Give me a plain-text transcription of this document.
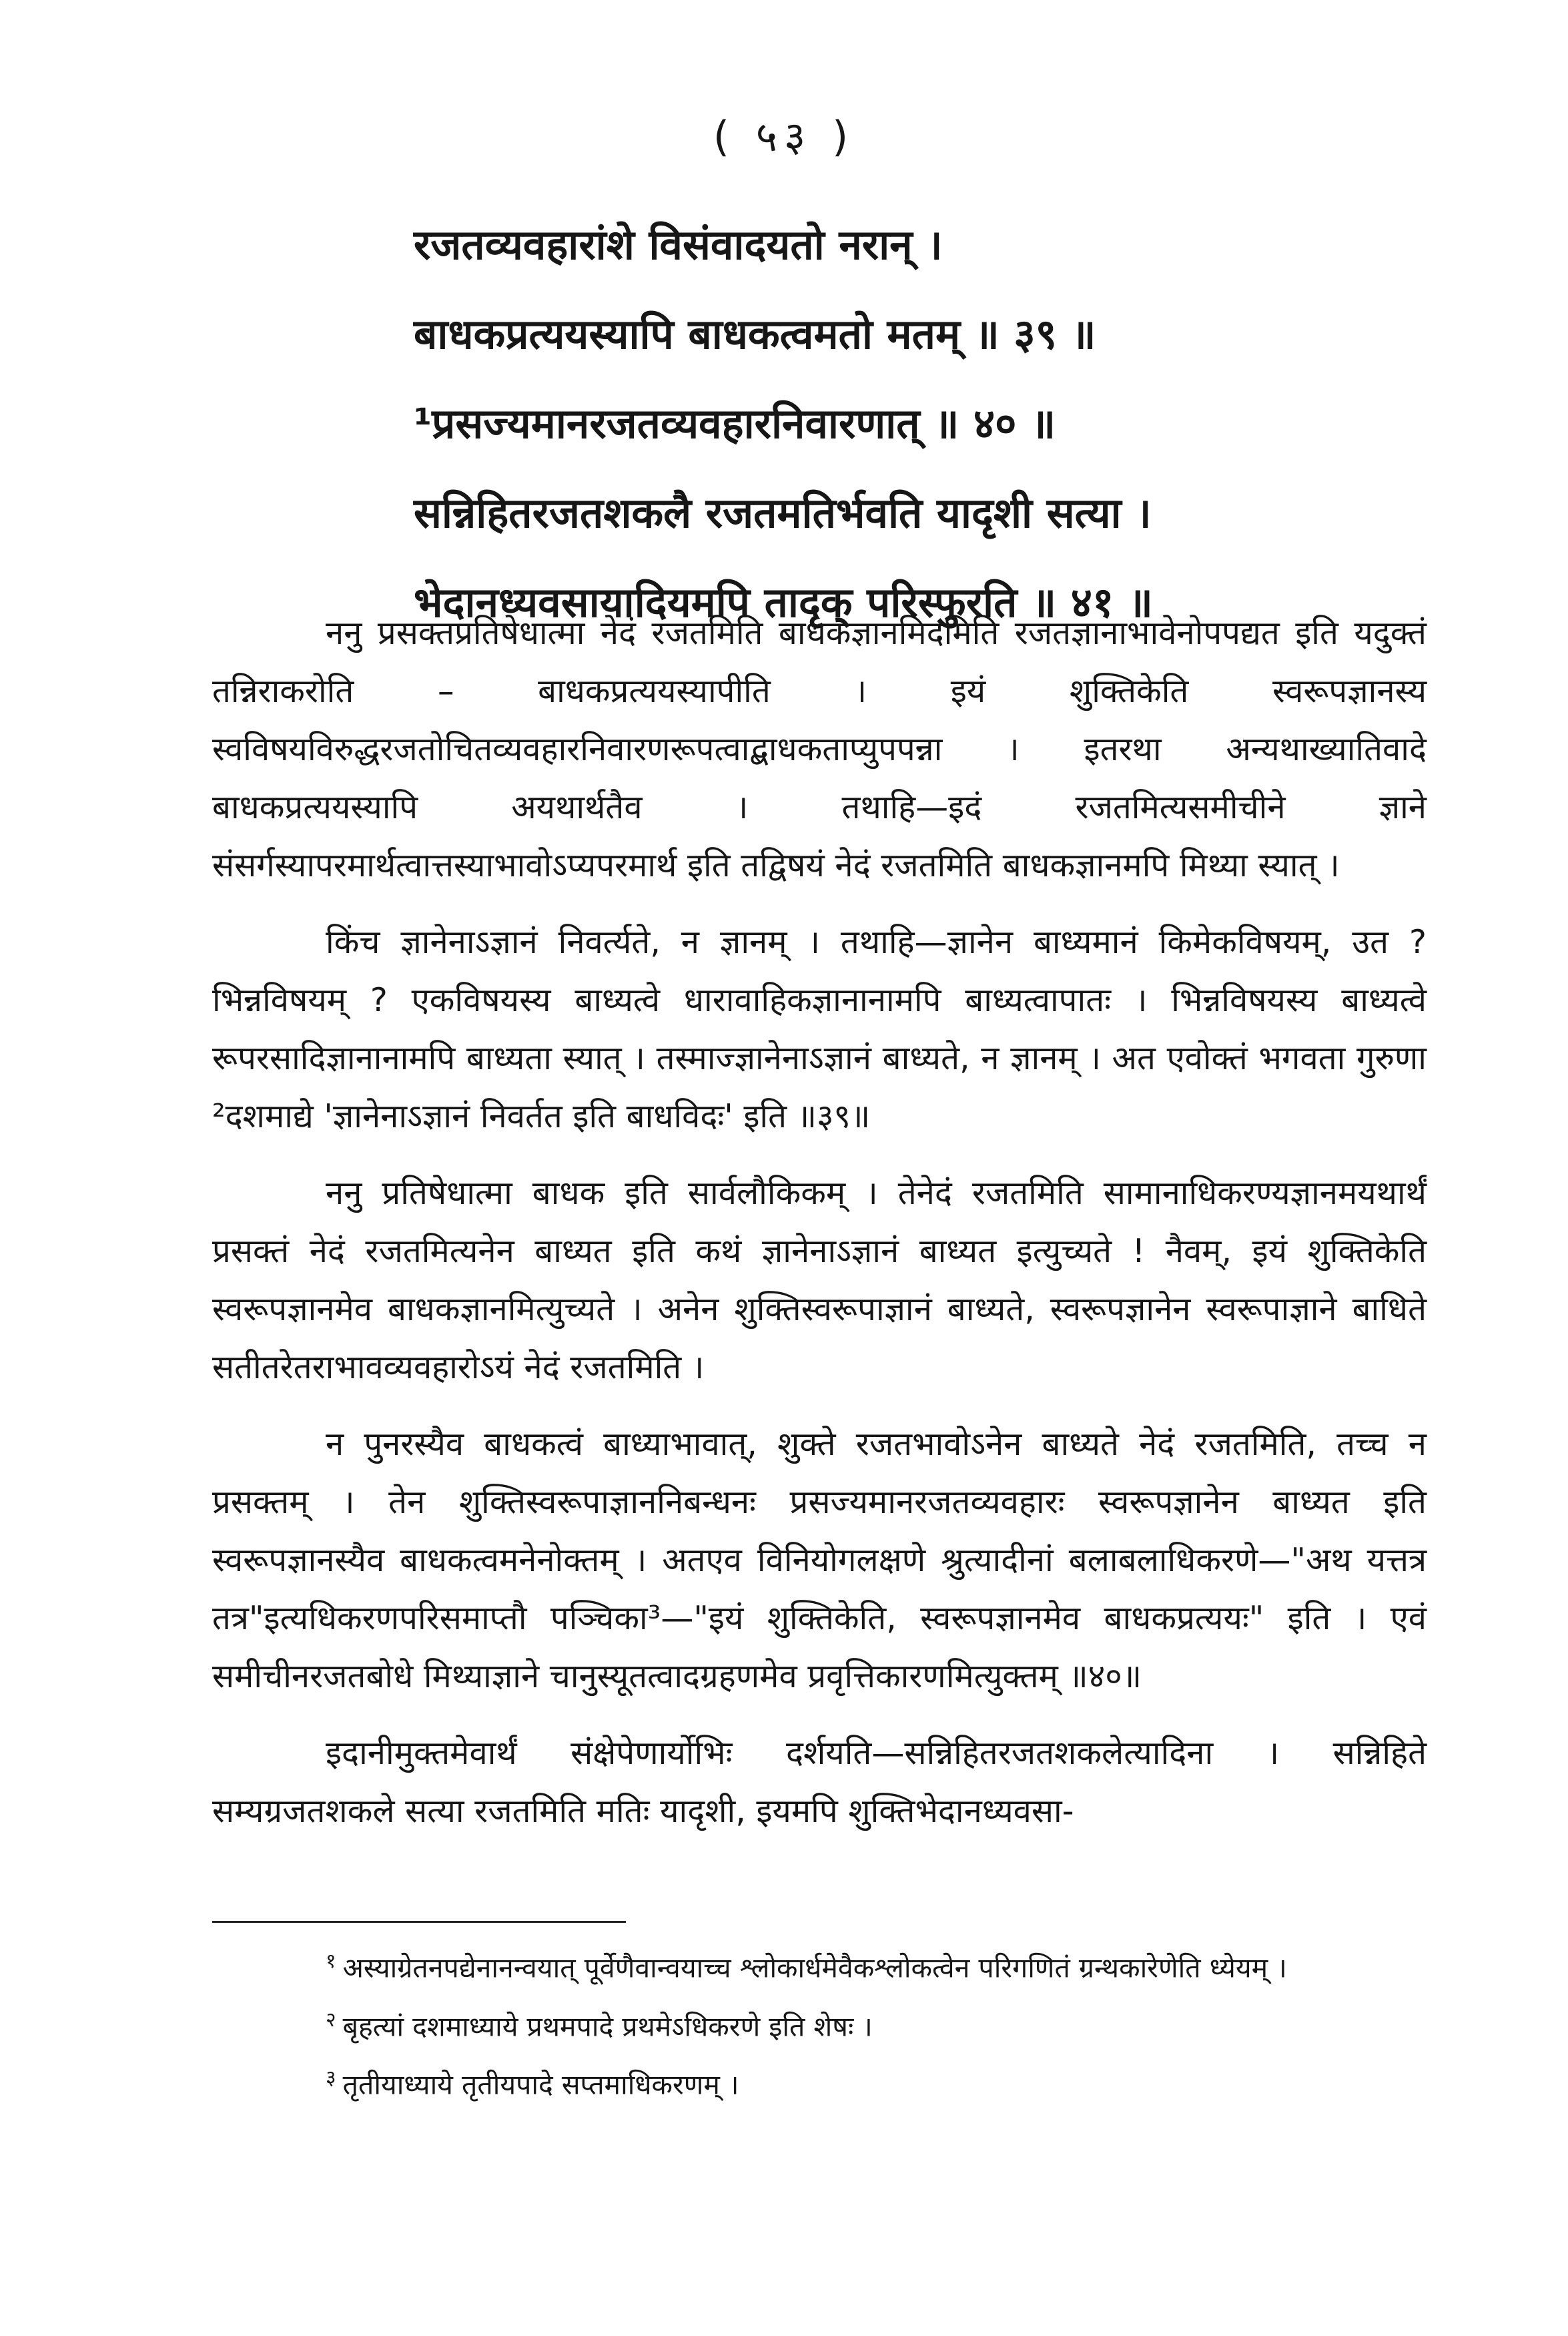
( ५३ )
रजतव्यवहारांशे विसंवादयतो नरान् ।
बाधकप्रत्ययस्यापि बाधकत्वमतो मतम् ॥ ३९ ॥
¹प्रसज्यमानरजतव्यवहारनिवारणात् ॥ ४० ॥
सन्निहितरजतशकलै रजतमतिर्भवति यादृशी सत्या ।
भेदानध्यवसायादियमपि तादृक् परिस्फुरति ॥ ४१ ॥

ननु प्रसक्तप्रतिषेधात्मा नेदं रजतमिति बाधकज्ञानमिदमिति रजतज्ञानाभावेनोपपद्यत इति यदुक्तं तन्निराकरोति – बाधकप्रत्ययस्यापीति । इयं शुक्तिकेति स्वरूपज्ञानस्य स्वविषयविरुद्धरजतोचितव्यवहारनिवारणरूपत्वाद्बाधकताप्युपपन्ना । इतरथा अन्यथाख्यातिवादे बाधकप्रत्ययस्यापि अयथार्थतैव । तथाहि—इदं रजतमित्यसमीचीने ज्ञाने संसर्गस्यापरमार्थत्वात्तस्याभावोऽप्यपरमार्थ इति तद्विषयं नेदं रजतमिति बाधकज्ञानमपि मिथ्या स्यात् ।

किंच ज्ञानेनाऽज्ञानं निवर्त्यते, न ज्ञानम् । तथाहि—ज्ञानेन बाध्यमानं किमेकविषयम्, उत ? भिन्नविषयम् ? एकविषयस्य बाध्यत्वे धारावाहिकज्ञानानामपि बाध्यत्वापातः । भिन्नविषयस्य बाध्यत्वे रूपरसादिज्ञानानामपि बाध्यता स्यात् । तस्माज्ज्ञानेनाऽज्ञानं बाध्यते, न ज्ञानम् । अत एवोक्तं भगवता गुरुणा ²दशमाद्ये 'ज्ञानेनाऽज्ञानं निवर्तत इति बाधविदः' इति ॥३९॥

ननु प्रतिषेधात्मा बाधक इति सार्वलौकिकम् । तेनेदं रजतमिति सामानाधिकरण्यज्ञानमयथार्थं प्रसक्तं नेदं रजतमित्यनेन बाध्यत इति कथं ज्ञानेनाऽज्ञानं बाध्यत इत्युच्यते ! नैवम्, इयं शुक्तिकेति स्वरूपज्ञानमेव बाधकज्ञानमित्युच्यते । अनेन शुक्तिस्वरूपाज्ञानं बाध्यते, स्वरूपज्ञानेन स्वरूपाज्ञाने बाधिते सतीतरेतराभावव्यवहारोऽयं नेदं रजतमिति ।

न पुनरस्यैव बाधकत्वं बाध्याभावात्, शुक्ते रजतभावोऽनेन बाध्यते नेदं रजतमिति, तच्च न प्रसक्तम् । तेन शुक्तिस्वरूपाज्ञाननिबन्धनः प्रसज्यमानरजतव्यवहारः स्वरूपज्ञानेन बाध्यत इति स्वरूपज्ञानस्यैव बाधकत्वमनेनोक्तम् । अतएव विनियोगलक्षणे श्रुत्यादीनां बलाबलाधिकरणे—"अथ यत्तत्र तत्र"इत्यधिकरणपरिसमाप्तौ पञ्चिका³—"इयं शुक्तिकेति, स्वरूपज्ञानमेव बाधकप्रत्ययः" इति । एवं समीचीनरजतबोधे मिथ्याज्ञाने चानुस्यूतत्वादग्रहणमेव प्रवृत्तिकारणमित्युक्तम् ॥४०॥

इदानीमुक्तमेवार्थं संक्षेपेणार्योभिः दर्शयति—सन्निहितरजतशकलेत्यादिना । सन्निहिते सम्यग्रजतशकले सत्या रजतमिति मतिः यादृशी, इयमपि शुक्तिभेदानध्यवसा-

$^१$ अस्याग्रेतनपद्येनानन्वयात् पूर्वेणैवान्वयाच्च श्लोकार्धमेवैकश्लोकत्वेन परिगणितं ग्रन्थकारेणेति ध्येयम् ।
$^२$ बृहत्यां दशमाध्याये प्रथमपादे प्रथमेऽधिकरणे इति शेषः ।
$^३$ तृतीयाध्याये तृतीयपादे सप्तमाधिकरणम् ।
